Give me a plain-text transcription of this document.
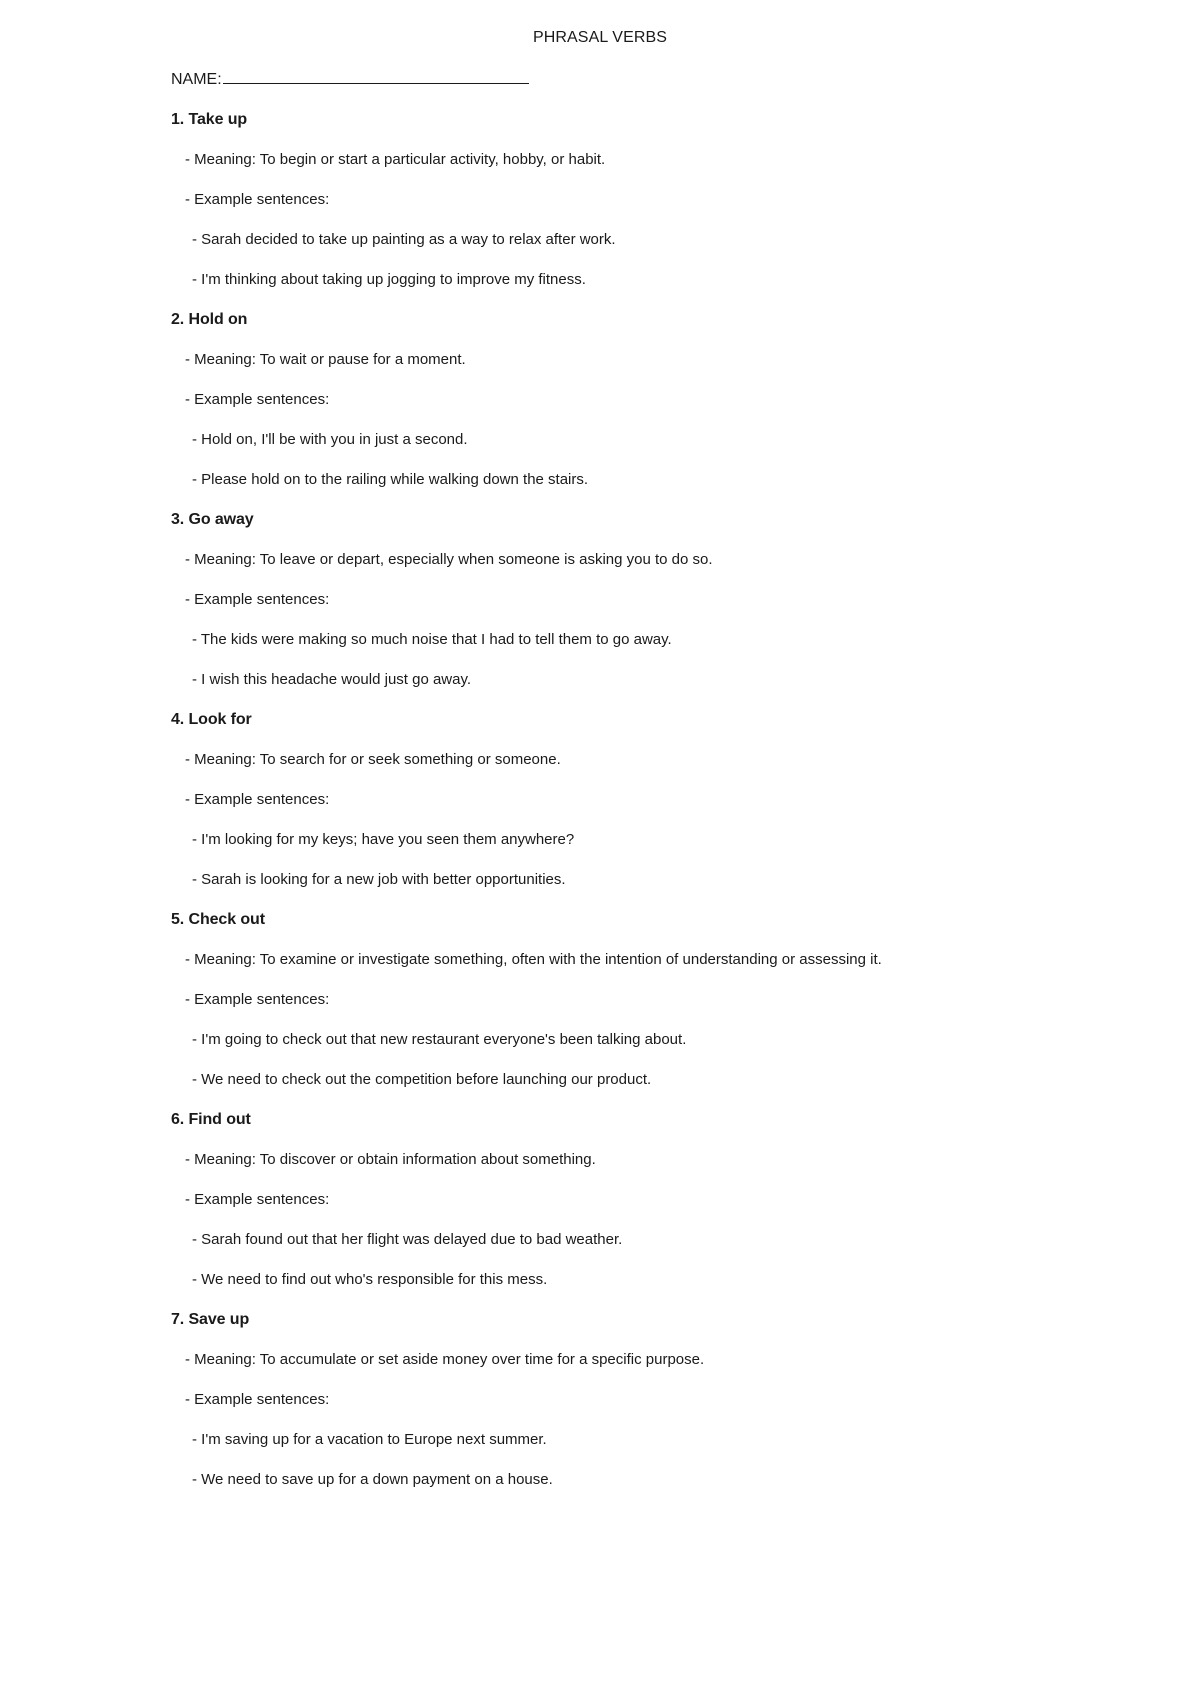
PHRASAL VERBS
NAME:
1. Take up
- Meaning: To begin or start a particular activity, hobby, or habit.
- Example sentences:
- Sarah decided to take up painting as a way to relax after work.
- I'm thinking about taking up jogging to improve my fitness.
2. Hold on
- Meaning: To wait or pause for a moment.
- Example sentences:
- Hold on, I'll be with you in just a second.
- Please hold on to the railing while walking down the stairs.
3. Go away
- Meaning: To leave or depart, especially when someone is asking you to do so.
- Example sentences:
- The kids were making so much noise that I had to tell them to go away.
- I wish this headache would just go away.
4. Look for
- Meaning: To search for or seek something or someone.
- Example sentences:
- I'm looking for my keys; have you seen them anywhere?
- Sarah is looking for a new job with better opportunities.
5. Check out
- Meaning: To examine or investigate something, often with the intention of understanding or assessing it.
- Example sentences:
- I'm going to check out that new restaurant everyone's been talking about.
- We need to check out the competition before launching our product.
6. Find out
- Meaning: To discover or obtain information about something.
- Example sentences:
- Sarah found out that her flight was delayed due to bad weather.
- We need to find out who's responsible for this mess.
7. Save up
- Meaning: To accumulate or set aside money over time for a specific purpose.
- Example sentences:
- I'm saving up for a vacation to Europe next summer.
- We need to save up for a down payment on a house.
